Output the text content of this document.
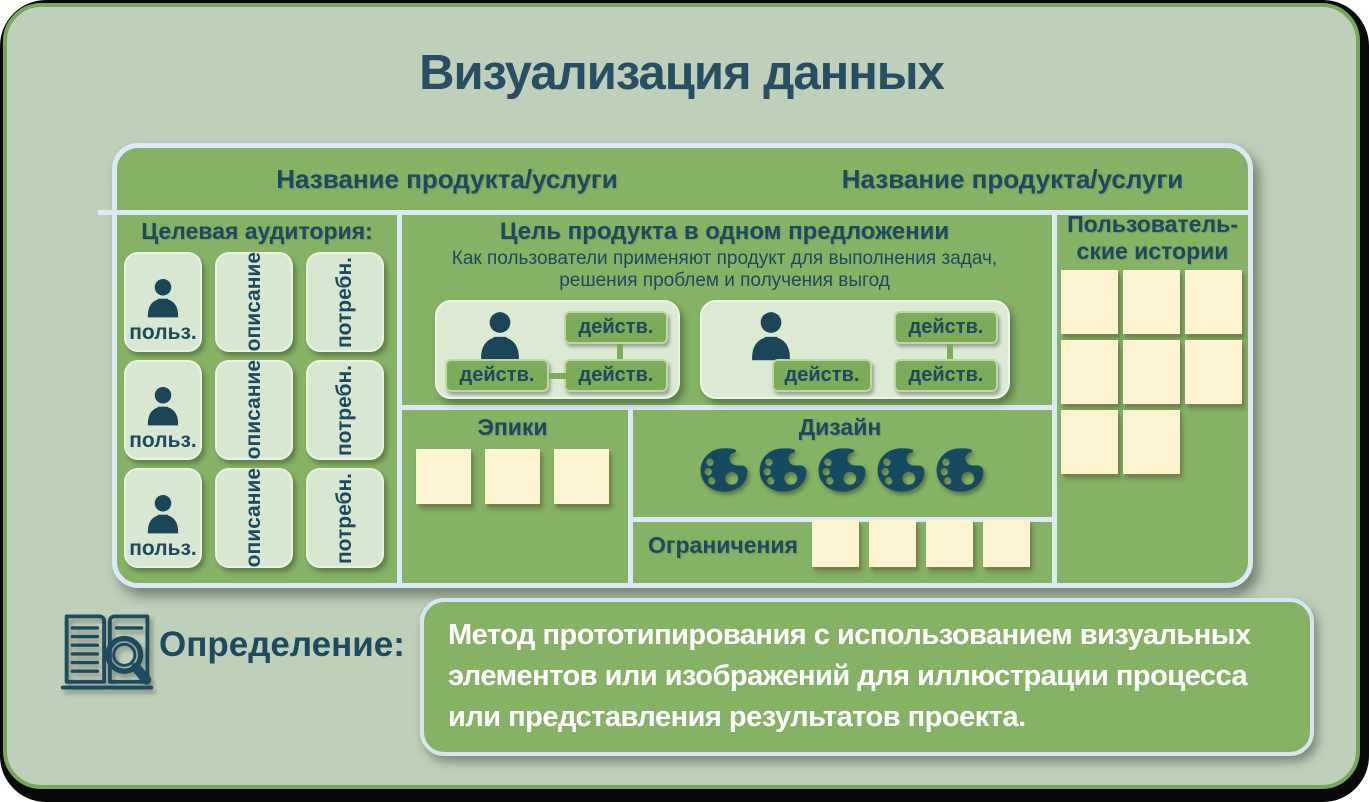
Визуализация данных
Название продукта/услуги	Название продукта/услуги
Целевая аудитория:
польз. описание	потребн.
польз. описание	потребн.
польз. описание	потребн.
Цель продукта в одном предложении
Как пользователи применяют продукт для выполнения задач,
решения проблем и получения выгод
действ.
действ.	действ.
действ.
действ.	действ.
Эпики	Дизайн
Ограничения
Пользователь-
ские истории
Определение: Метод прототипирования с использованием визуальных
элементов или изображений для иллюстрации процесса
или представления результатов проекта.
